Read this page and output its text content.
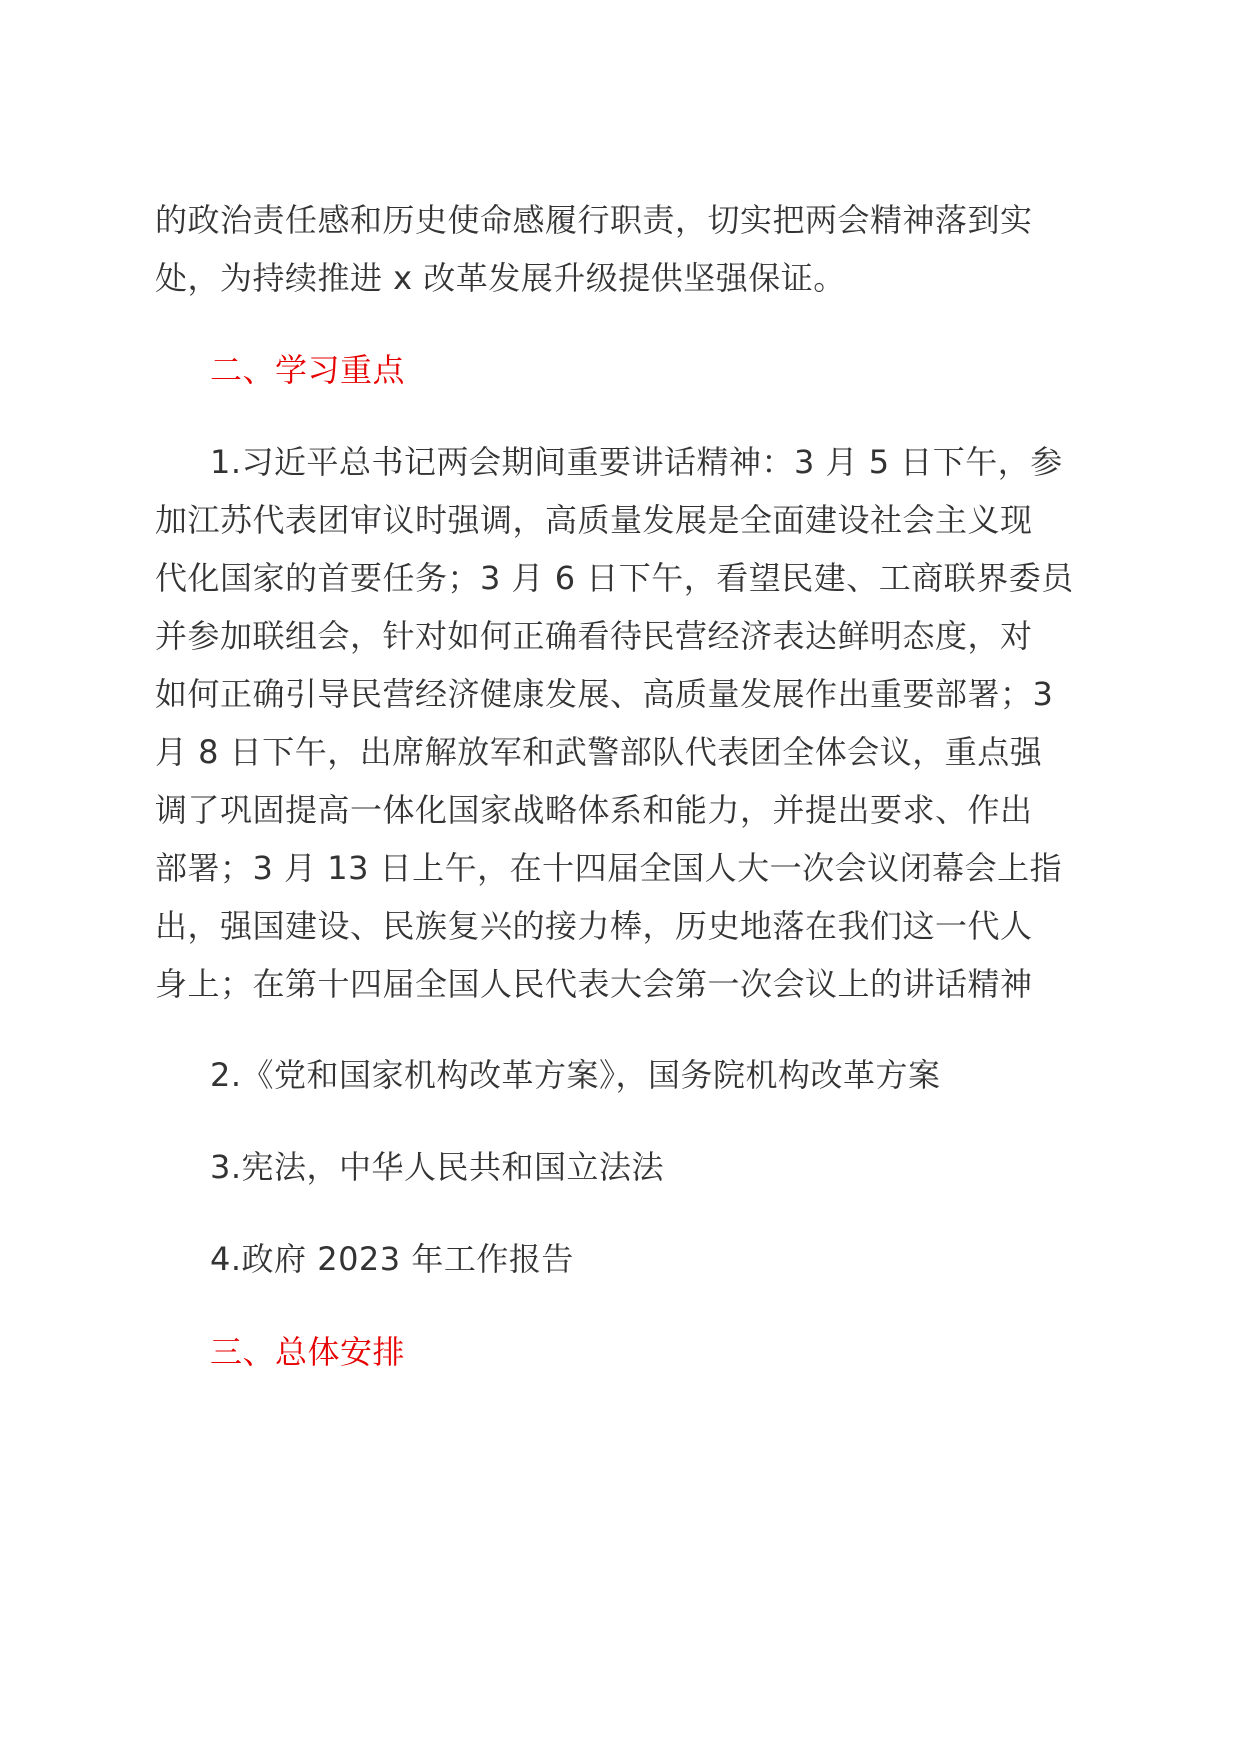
的政治责任感和历史使命感履行职责，切实把两会精神落到实
处，为持续推进 x 改革发展升级提供坚强保证。
二、学习重点
1.习近平总书记两会期间重要讲话精神：3 月 5 日下午，参
加江苏代表团审议时强调，高质量发展是全面建设社会主义现
代化国家的首要任务；3 月 6 日下午，看望民建、工商联界委员
并参加联组会，针对如何正确看待民营经济表达鲜明态度，对
如何正确引导民营经济健康发展、高质量发展作出重要部署；3
月 8 日下午，出席解放军和武警部队代表团全体会议，重点强
调了巩固提高一体化国家战略体系和能力，并提出要求、作出
部署；3 月 13 日上午，在十四届全国人大一次会议闭幕会上指
出，强国建设、民族复兴的接力棒，历史地落在我们这一代人
身上；在第十四届全国人民代表大会第一次会议上的讲话精神
2.《党和国家机构改革方案》，国务院机构改革方案
3.宪法，中华人民共和国立法法
4.政府 2023 年工作报告
三、总体安排
